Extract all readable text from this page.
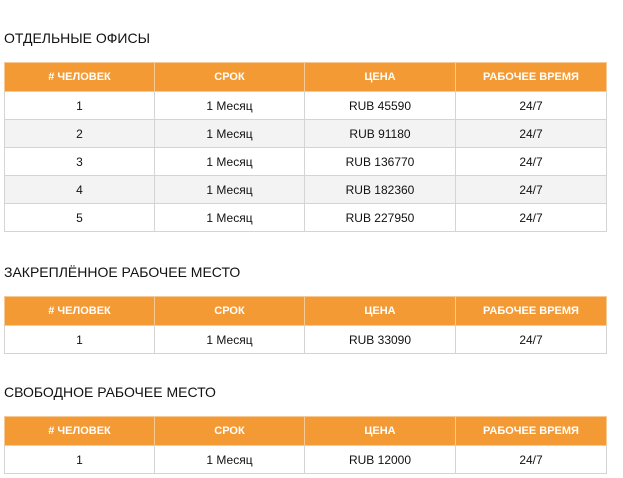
ОТДЕЛЬНЫЕ ОФИСЫ
# ЧЕЛОВЕК	СРОК	ЦЕНА	РАБОЧЕЕ ВРЕМЯ
1	1 Месяц	RUB 45590	24/7
2	1 Месяц	RUB 91180	24/7
3	1 Месяц	RUB 136770	24/7
4	1 Месяц	RUB 182360	24/7
5	1 Месяц	RUB 227950	24/7
ЗАКРЕПЛЁННОЕ РАБОЧЕЕ МЕСТО
# ЧЕЛОВЕК	СРОК	ЦЕНА	РАБОЧЕЕ ВРЕМЯ
1	1 Месяц	RUB 33090	24/7
СВОБОДНОЕ РАБОЧЕЕ МЕСТО
# ЧЕЛОВЕК	СРОК	ЦЕНА	РАБОЧЕЕ ВРЕМЯ
1	1 Месяц	RUB 12000	24/7
